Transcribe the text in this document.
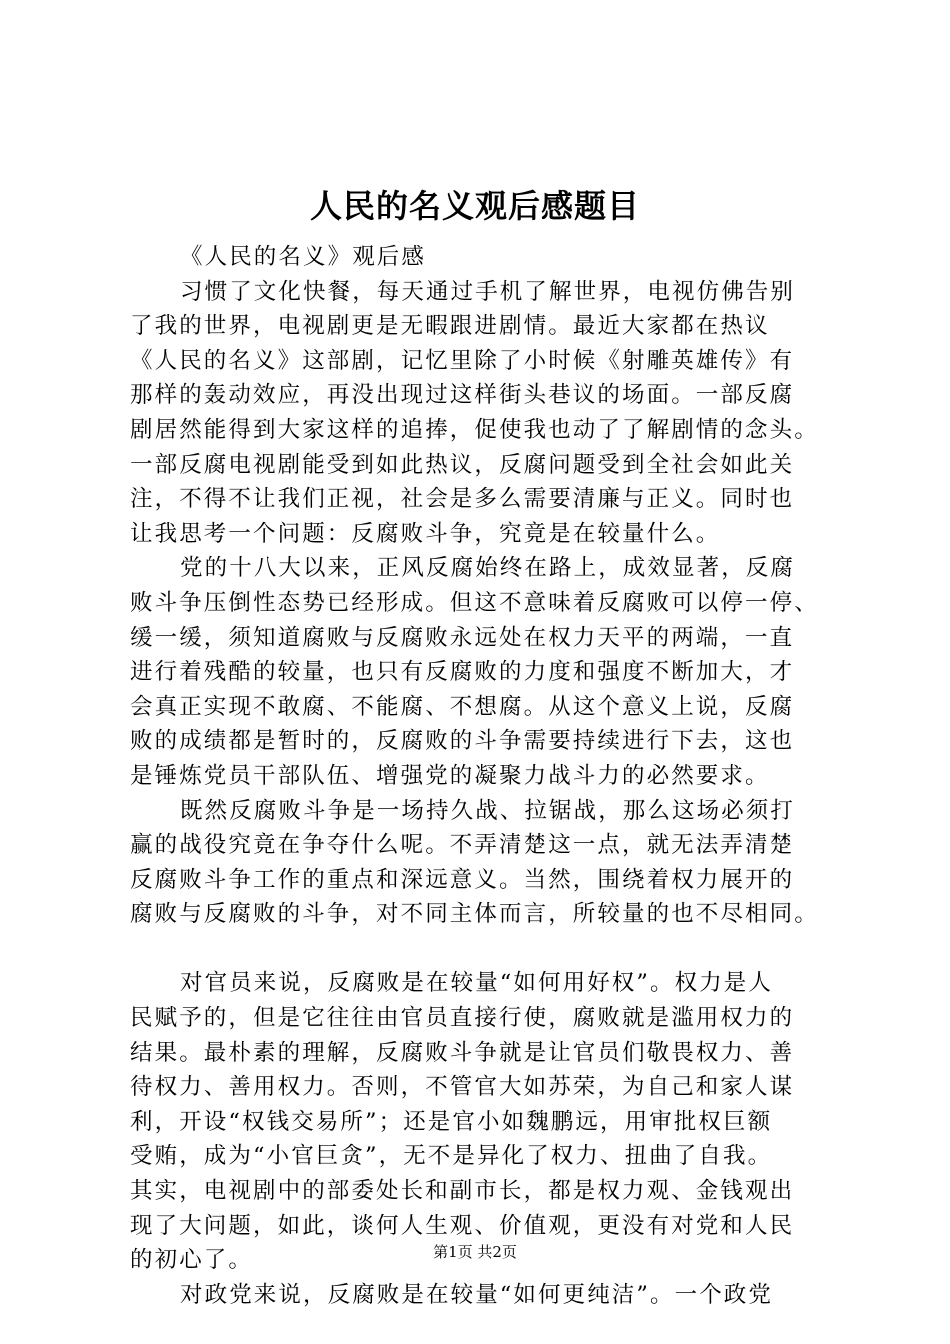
人民的名义观后感题目
《人民的名义》观后感
习惯了文化快餐，每天通过手机了解世界，电视仿佛告别
了我的世界，电视剧更是无暇跟进剧情。最近大家都在热议
《人民的名义》这部剧，记忆里除了小时候《射雕英雄传》有
那样的轰动效应，再没出现过这样街头巷议的场面。一部反腐
剧居然能得到大家这样的追捧，促使我也动了了解剧情的念头。
一部反腐电视剧能受到如此热议，反腐问题受到全社会如此关
注，不得不让我们正视，社会是多么需要清廉与正义。同时也
让我思考一个问题：反腐败斗争，究竟是在较量什么。
党的十八大以来，正风反腐始终在路上，成效显著，反腐
败斗争压倒性态势已经形成。但这不意味着反腐败可以停一停、
缓一缓，须知道腐败与反腐败永远处在权力天平的两端，一直
进行着残酷的较量，也只有反腐败的力度和强度不断加大，才
会真正实现不敢腐、不能腐、不想腐。从这个意义上说，反腐
败的成绩都是暂时的，反腐败的斗争需要持续进行下去，这也
是锤炼党员干部队伍、增强党的凝聚力战斗力的必然要求。
既然反腐败斗争是一场持久战、拉锯战，那么这场必须打
赢的战役究竟在争夺什么呢。不弄清楚这一点，就无法弄清楚
反腐败斗争工作的重点和深远意义。当然，围绕着权力展开的
腐败与反腐败的斗争，对不同主体而言，所较量的也不尽相同。
对官员来说，反腐败是在较量“如何用好权”。权力是人
民赋予的，但是它往往由官员直接行使，腐败就是滥用权力的
结果。最朴素的理解，反腐败斗争就是让官员们敬畏权力、善
待权力、善用权力。否则，不管官大如苏荣，为自己和家人谋
利，开设“权钱交易所”；还是官小如魏鹏远，用审批权巨额
受贿，成为“小官巨贪”，无不是异化了权力、扭曲了自我。
其实，电视剧中的部委处长和副市长，都是权力观、金钱观出
现了大问题，如此，谈何人生观、价值观，更没有对党和人民
的初心了。
对政党来说，反腐败是在较量“如何更纯洁”。一个政党
第1页 共2页
